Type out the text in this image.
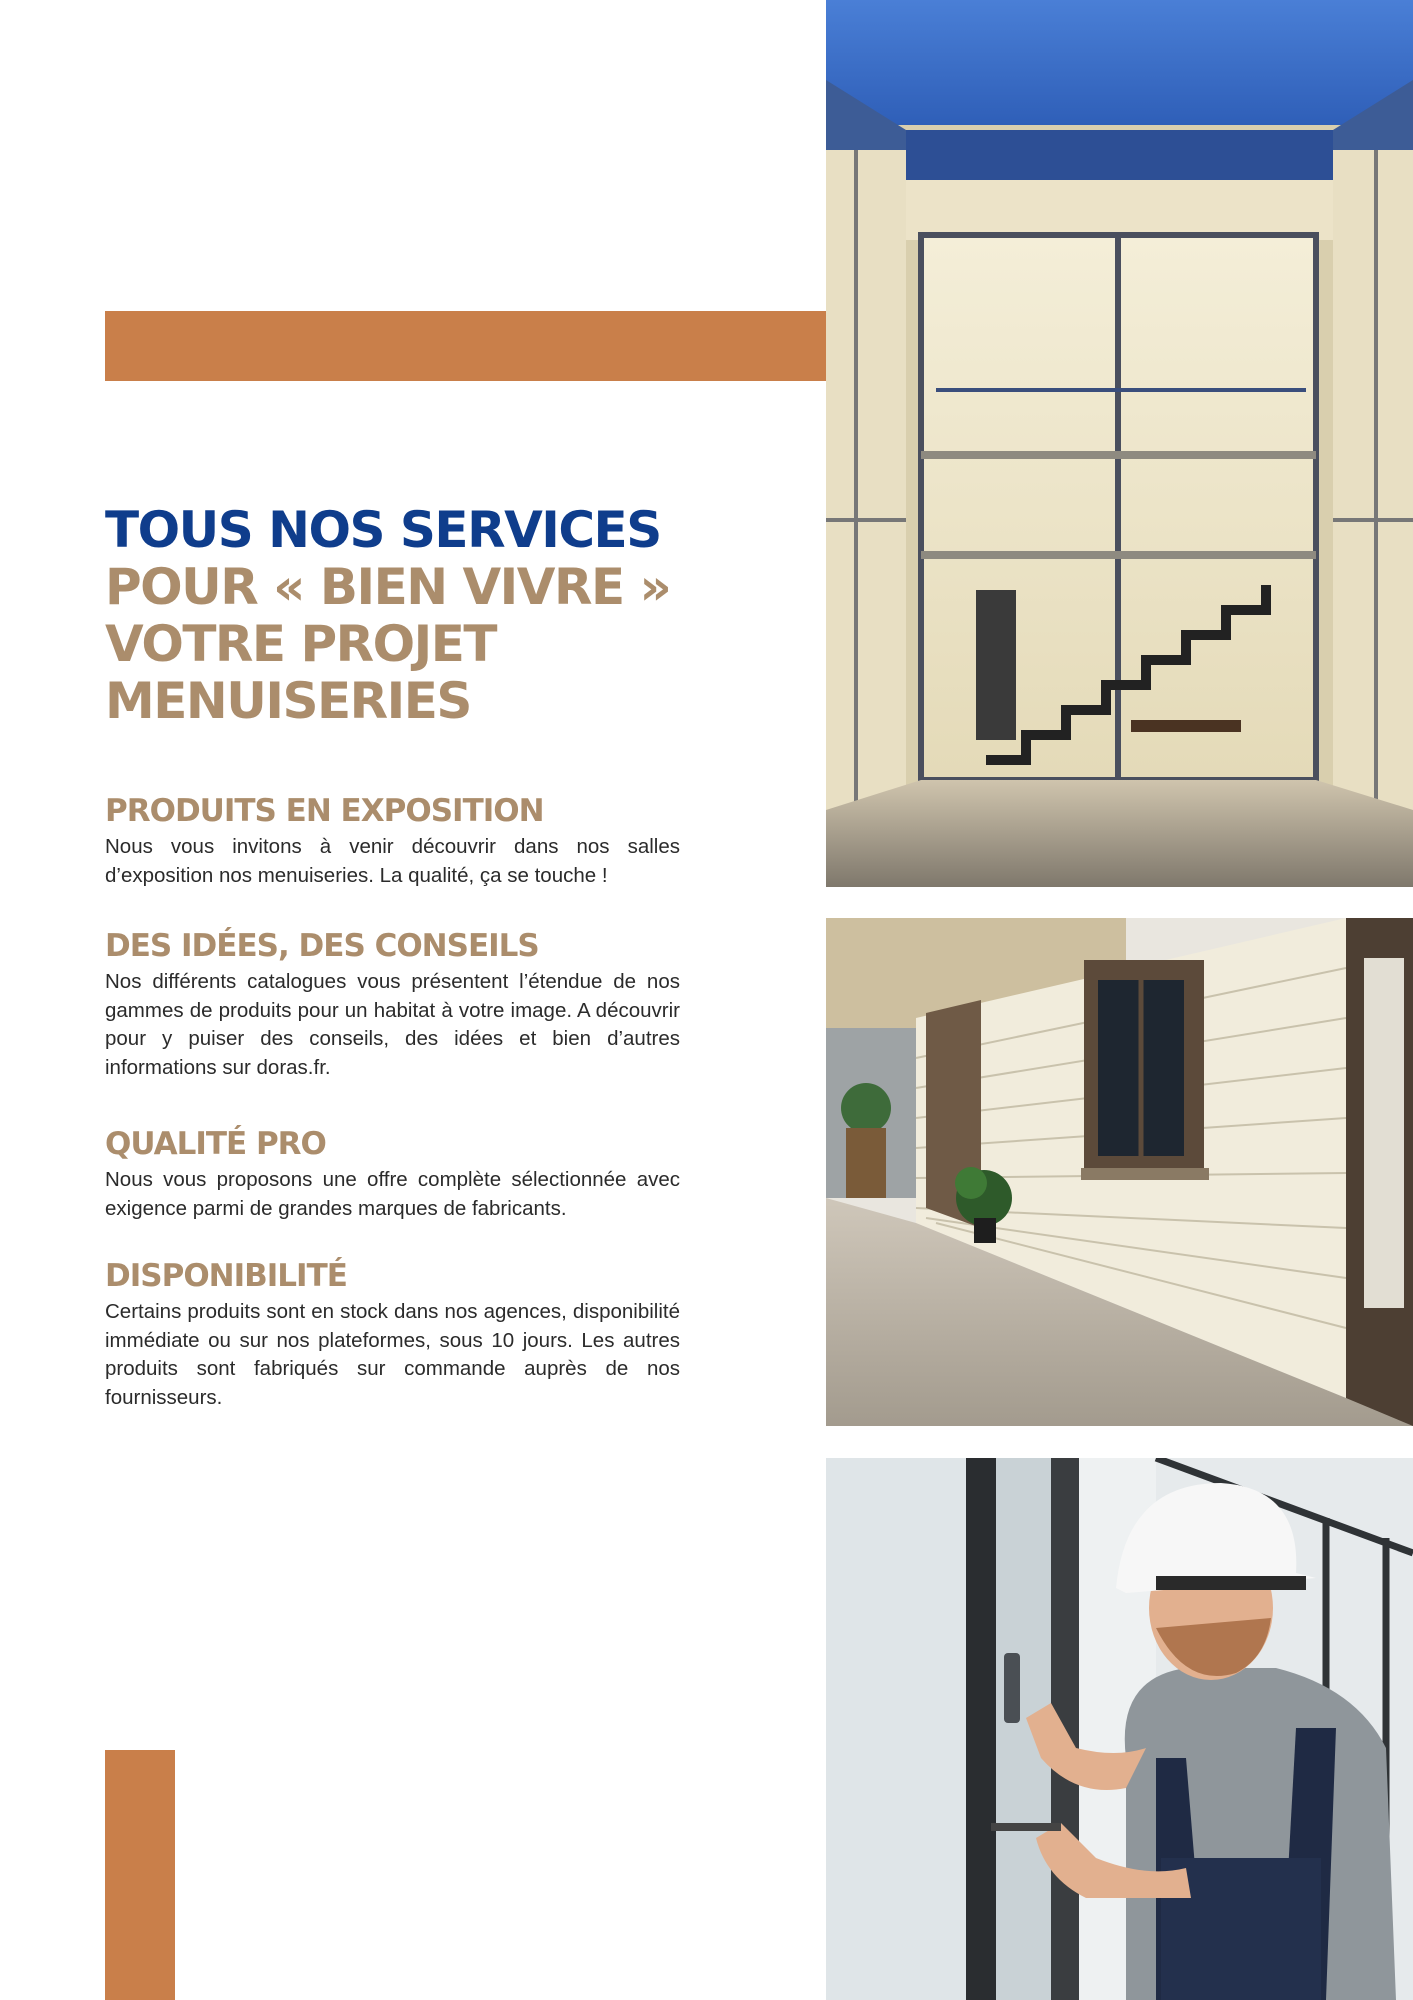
TOUS NOS SERVICES
POUR « BIEN VIVRE »
VOTRE PROJET
MENUISERIES
PRODUITS EN EXPOSITION

Nous vous invitons à venir découvrir dans nos salles d’exposition nos menuiseries. La qualité, ça se touche !

DES IDÉES, DES CONSEILS

Nos différents catalogues vous présentent l’étendue de nos gammes de produits pour un habitat à votre image. A découvrir pour y puiser des conseils, des idées et bien d’autres informations sur doras.fr.

QUALITÉ PRO

Nous vous proposons une offre complète sélectionnée avec exigence parmi de grandes marques de fabricants.

DISPONIBILITÉ

Certains produits sont en stock dans nos agences, disponibilité immédiate ou sur nos plateformes, sous 10 jours. Les autres produits sont fabriqués sur commande auprès de nos fournisseurs.
